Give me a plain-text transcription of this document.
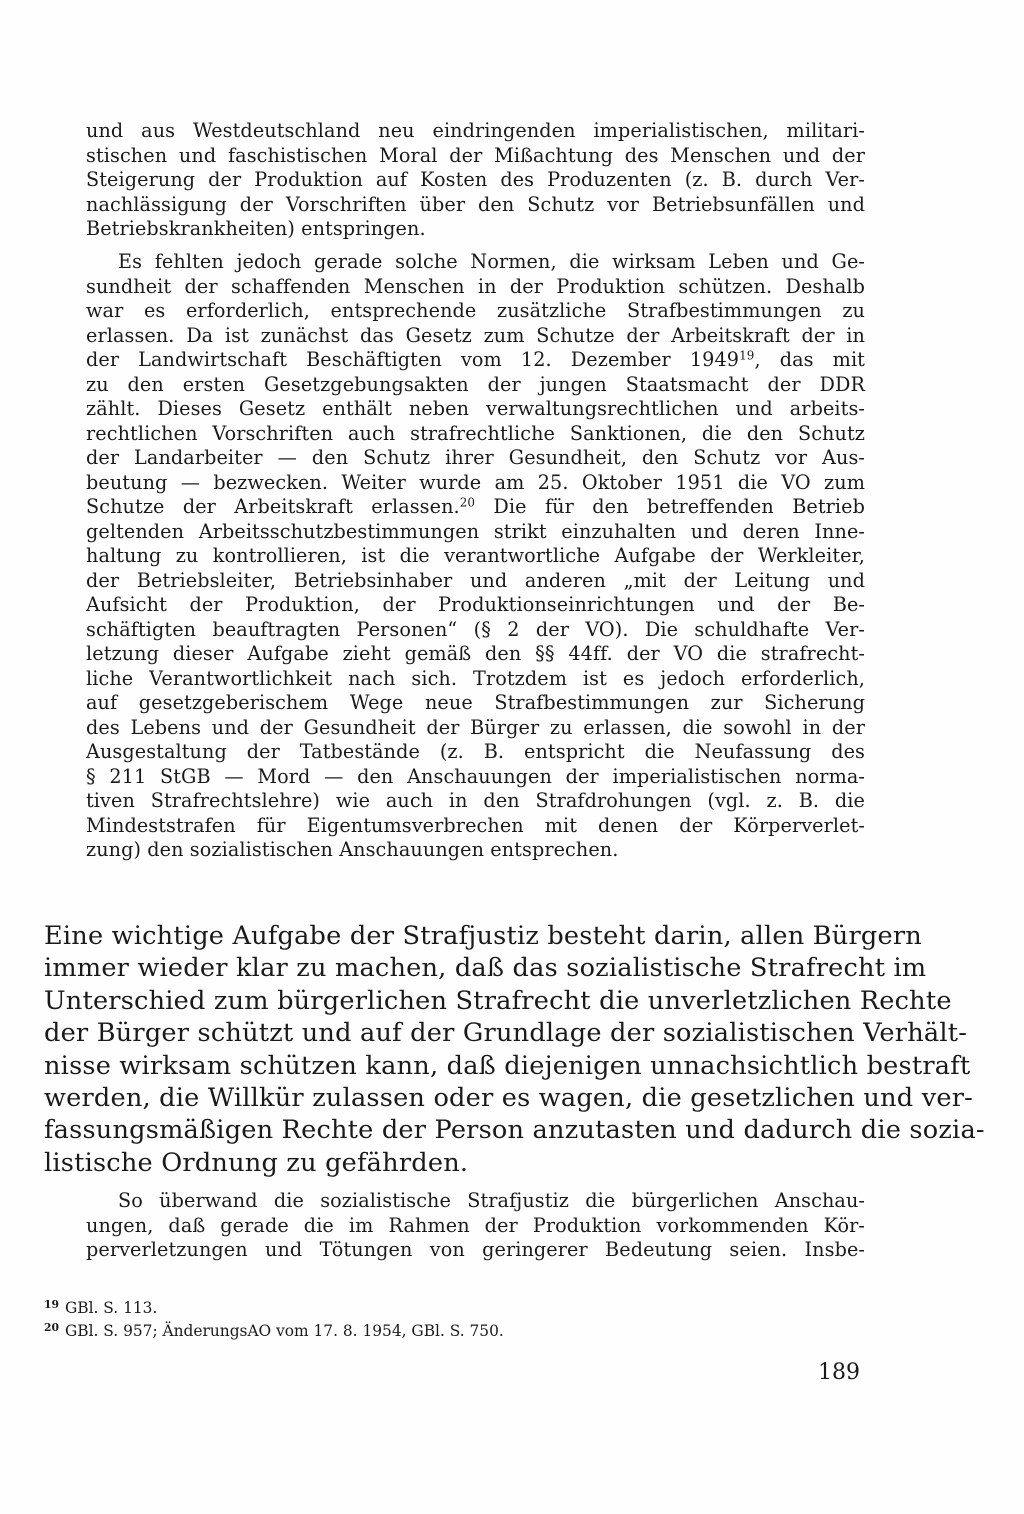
und aus Westdeutschland neu eindringenden imperialistischen, militari-
stischen und faschistischen Moral der Mißachtung des Menschen und der
Steigerung der Produktion auf Kosten des Produzenten (z. B. durch Ver-
nachlässigung der Vorschriften über den Schutz vor Betriebsunfällen und
Betriebskrankheiten) entspringen.
Es fehlten jedoch gerade solche Normen, die wirksam Leben und Ge-
sundheit der schaffenden Menschen in der Produktion schützen. Deshalb
war es erforderlich, entsprechende zusätzliche Strafbestimmungen zu
erlassen. Da ist zunächst das Gesetz zum Schutze der Arbeitskraft der in
der Landwirtschaft Beschäftigten vom 12. Dezember 1949$^{19}$, das mit
zu den ersten Gesetzgebungsakten der jungen Staatsmacht der DDR
zählt. Dieses Gesetz enthält neben verwaltungsrechtlichen und arbeits-
rechtlichen Vorschriften auch strafrechtliche Sanktionen, die den Schutz
der Landarbeiter — den Schutz ihrer Gesundheit, den Schutz vor Aus-
beutung — bezwecken. Weiter wurde am 25. Oktober 1951 die VO zum
Schutze der Arbeitskraft erlassen.$^{20}$ Die für den betreffenden Betrieb
geltenden Arbeitsschutzbestimmungen strikt einzuhalten und deren Inne-
haltung zu kontrollieren, ist die verantwortliche Aufgabe der Werkleiter,
der Betriebsleiter, Betriebsinhaber und anderen „mit der Leitung und
Aufsicht der Produktion, der Produktionseinrichtungen und der Be-
schäftigten beauftragten Personen“ (§ 2 der VO). Die schuldhafte Ver-
letzung dieser Aufgabe zieht gemäß den §§ 44ff. der VO die strafrecht-
liche Verantwortlichkeit nach sich. Trotzdem ist es jedoch erforderlich,
auf gesetzgeberischem Wege neue Strafbestimmungen zur Sicherung
des Lebens und der Gesundheit der Bürger zu erlassen, die sowohl in der
Ausgestaltung der Tatbestände (z. B. entspricht die Neufassung des
§ 211 StGB — Mord — den Anschauungen der imperialistischen norma-
tiven Strafrechtslehre) wie auch in den Strafdrohungen (vgl. z. B. die
Mindeststrafen für Eigentumsverbrechen mit denen der Körperverlet-
zung) den sozialistischen Anschauungen entsprechen.
Eine wichtige Aufgabe der Strafjustiz besteht darin, allen Bürgern
immer wieder klar zu machen, daß das sozialistische Strafrecht im
Unterschied zum bürgerlichen Strafrecht die unverletzlichen Rechte
der Bürger schützt und auf der Grundlage der sozialistischen Verhält-
nisse wirksam schützen kann, daß diejenigen unnachsichtlich bestraft
werden, die Willkür zulassen oder es wagen, die gesetzlichen und ver-
fassungsmäßigen Rechte der Person anzutasten und dadurch die sozia-
listische Ordnung zu gefährden.
So überwand die sozialistische Strafjustiz die bürgerlichen Anschau-
ungen, daß gerade die im Rahmen der Produktion vorkommenden Kör-
perverletzungen und Tötungen von geringerer Bedeutung seien. Insbe-
$^{19}$ GBl. S. 113.
$^{20}$ GBl. S. 957; ÄnderungsAO vom 17. 8. 1954, GBl. S. 750.
189
